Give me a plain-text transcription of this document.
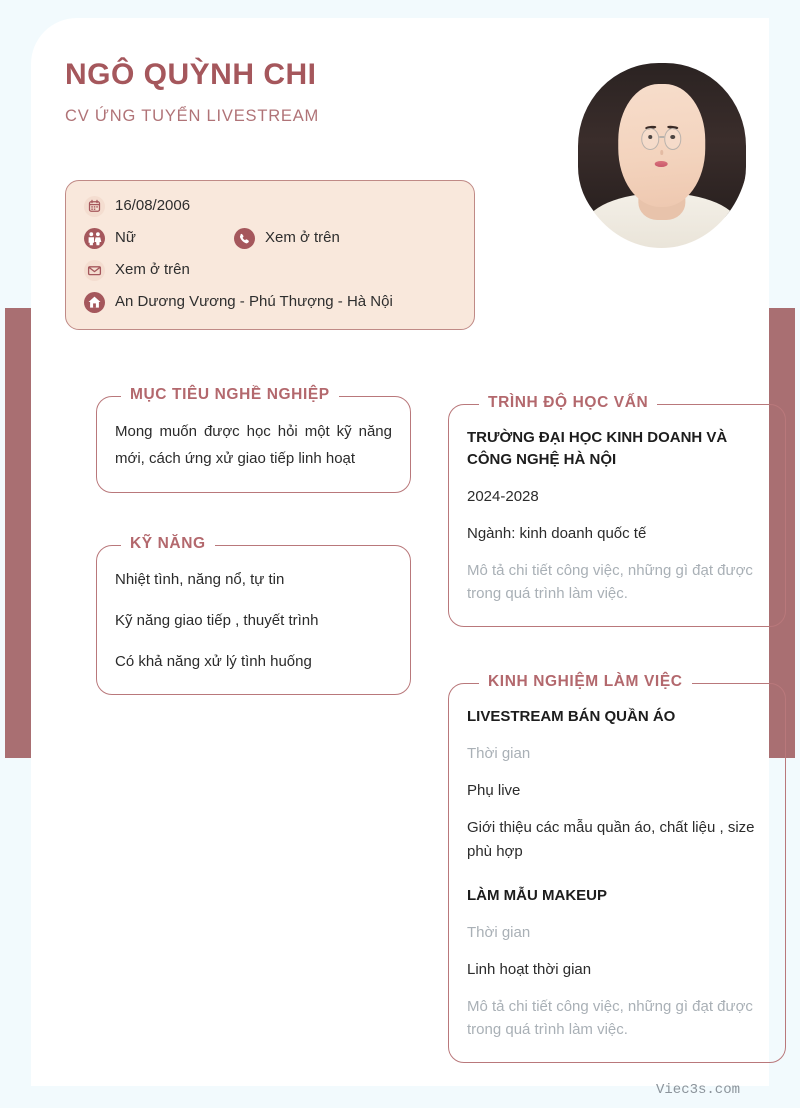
NGÔ QUỲNH CHI
CV ỨNG TUYỂN LIVESTREAM
16/08/2006
Nữ	Xem ở trên
Xem ở trên
An Dương Vương - Phú Thượng - Hà Nội
MỤC TIÊU NGHỀ NGHIỆP
Mong muốn được học hỏi một kỹ năng mới, cách ứng xử giao tiếp linh hoạt
KỸ NĂNG
Nhiệt tình, năng nổ, tự tin
Kỹ năng giao tiếp , thuyết trình
Có khả năng xử lý tình huống
TRÌNH ĐỘ HỌC VẤN
TRƯỜNG ĐẠI HỌC KINH DOANH VÀ CÔNG NGHỆ HÀ NỘI
2024-2028
Ngành: kinh doanh quốc tế
Mô tả chi tiết công việc, những gì đạt được trong quá trình làm việc.
KINH NGHIỆM LÀM VIỆC
LIVESTREAM BÁN QUẦN ÁO
Thời gian
Phụ live
Giới thiệu các mẫu quần áo, chất liệu , size phù hợp
LÀM MẪU MAKEUP
Thời gian
Linh hoạt thời gian
Mô tả chi tiết công việc, những gì đạt được trong quá trình làm việc.
Viec3s.com
